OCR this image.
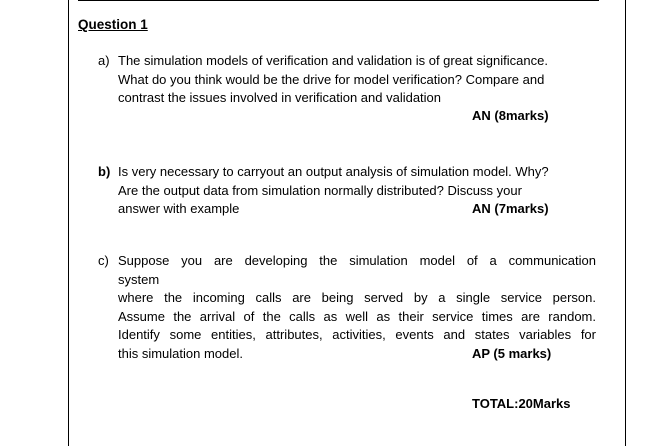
Question 1
a) The simulation models of verification and validation is of great significance.
What do you think would be the drive for model verification? Compare and
contrast the issues involved in verification and validation
AN (8marks)
b) Is very necessary to carryout an output analysis of simulation model. Why?
Are the output data from simulation normally distributed? Discuss your
answer with example	AN (7marks)
c) Suppose you are developing the simulation model of a communication
system
where the incoming calls are being served by a single service person.
Assume the arrival of the calls as well as their service times are random.
Identify some entities, attributes, activities, events and states variables for
this simulation model.	AP (5 marks)
TOTAL:20Marks
